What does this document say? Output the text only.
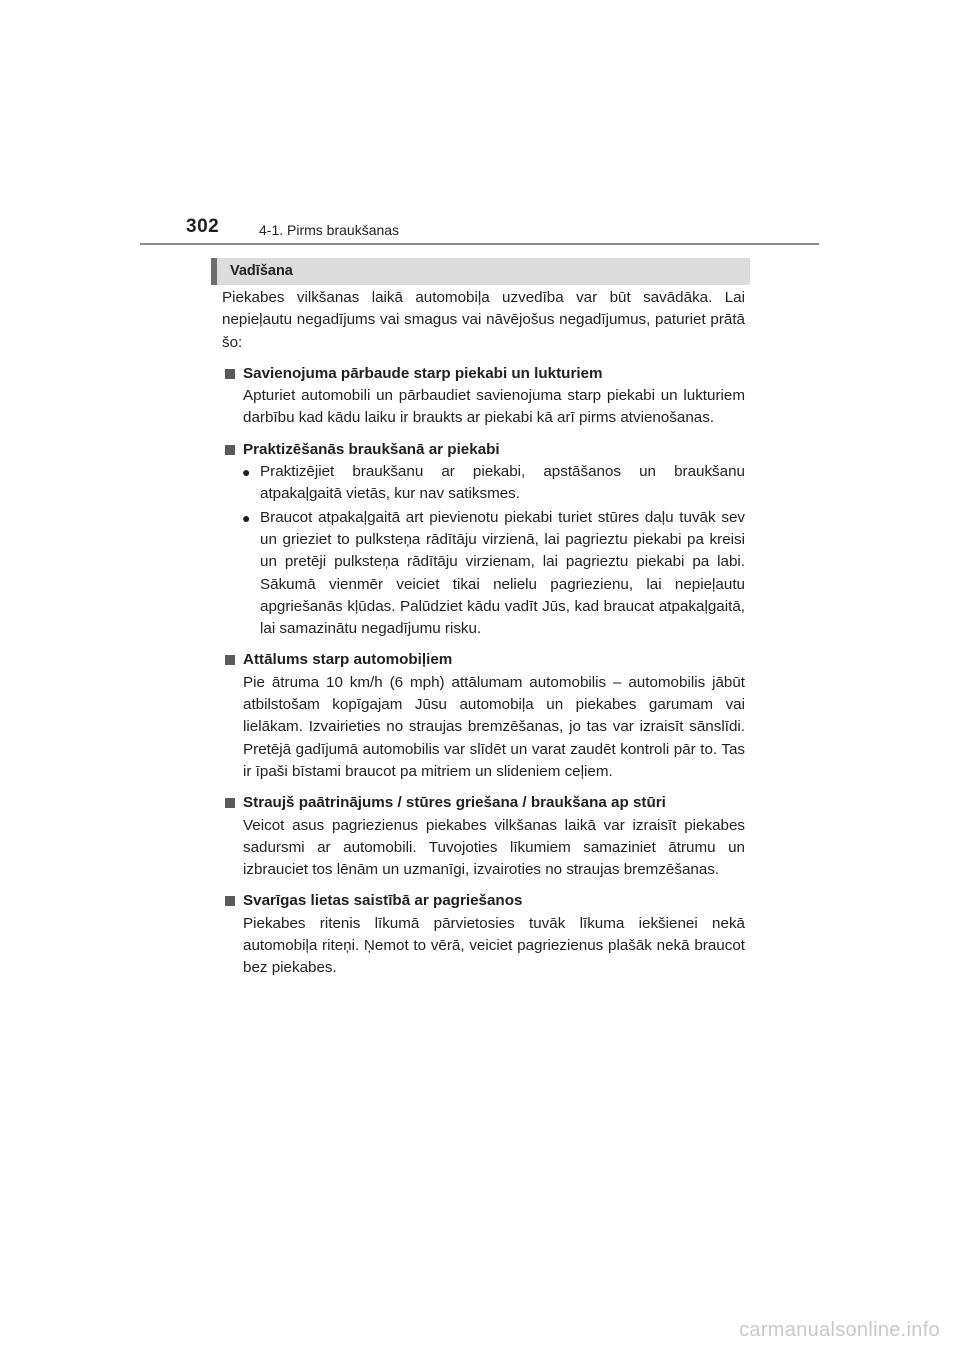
302	4-1. Pirms braukšanas
Vadīšana

Piekabes vilkšanas laikā automobiļa uzvedība var būt savādāka. Lai nepieļautu negadījums vai smagus vai nāvējošus negadījumus, paturiet prātā šo:

Savienojuma pārbaude starp piekabi un lukturiem

Apturiet automobili un pārbaudiet savienojuma starp piekabi un lukturiem darbību kad kādu laiku ir braukts ar piekabi kā arī pirms atvienošanas.

Praktizēšanās braukšanā ar piekabi

● Praktizējiet braukšanu ar piekabi, apstāšanos un braukšanu atpakaļgaitā vietās, kur nav satiksmes.

● Braucot atpakaļgaitā art pievienotu piekabi turiet stūres daļu tuvāk sev un grieziet to pulksteņa rādītāju virzienā, lai pagrieztu piekabi pa kreisi un pretēji pulksteņa rādītāju virzienam, lai pagrieztu piekabi pa labi. Sākumā vienmēr veiciet tikai nelielu pagriezienu, lai nepieļautu apgriešanās kļūdas. Palūdziet kādu vadīt Jūs, kad braucat atpakaļgaitā, lai samazinātu negadījumu risku.

Attālums starp automobiļiem

Pie ātruma 10 km/h (6 mph) attālumam automobilis – automobilis jābūt atbilstošam kopīgajam Jūsu automobiļa un piekabes garumam vai lielākam. Izvairieties no straujas bremzēšanas, jo tas var izraisīt sānslīdi. Pretējā gadījumā automobilis var slīdēt un varat zaudēt kontroli pār to. Tas ir īpaši bīstami braucot pa mitriem un slideniem ceļiem.

Straujš paātrinājums / stūres griešana / braukšana ap stūri

Veicot asus pagriezienus piekabes vilkšanas laikā var izraisīt piekabes sadursmi ar automobili. Tuvojoties līkumiem samaziniet ātrumu un izbrauciet tos lēnām un uzmanīgi, izvairoties no straujas bremzēšanas.

Svarīgas lietas saistībā ar pagriešanos

Piekabes ritenis līkumā pārvietosies tuvāk līkuma iekšienei nekā automobiļa riteņi. Ņemot to vērā, veiciet pagriezienus plašāk nekā braucot bez piekabes.

carmanualsonline.info
